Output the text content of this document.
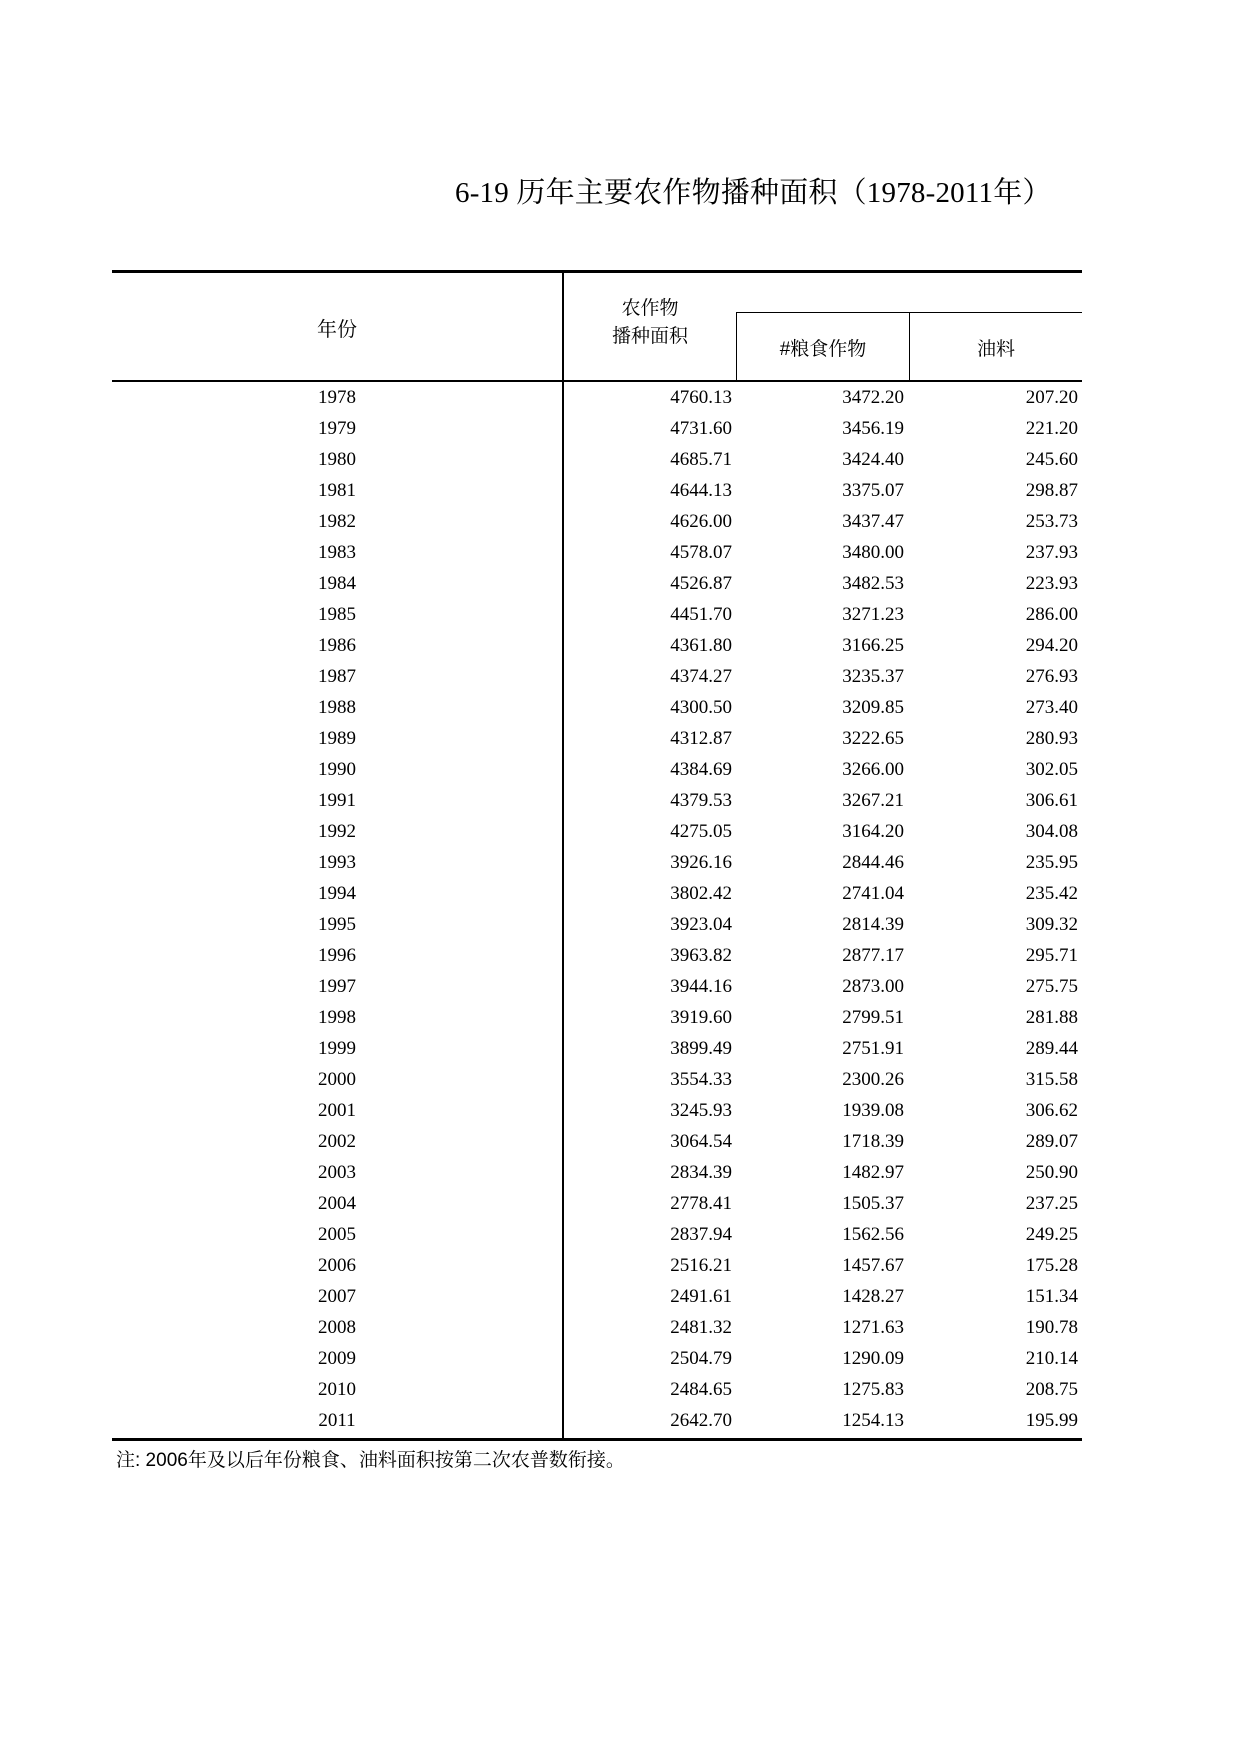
6-19 历年主要农作物播种面积（1978-2011年）
年份
农作物
播种面积
#粮食作物	油料
1978	4760.13	3472.20	207.20
1979	4731.60	3456.19	221.20
1980	4685.71	3424.40	245.60
1981	4644.13	3375.07	298.87
1982	4626.00	3437.47	253.73
1983	4578.07	3480.00	237.93
1984	4526.87	3482.53	223.93
1985	4451.70	3271.23	286.00
1986	4361.80	3166.25	294.20
1987	4374.27	3235.37	276.93
1988	4300.50	3209.85	273.40
1989	4312.87	3222.65	280.93
1990	4384.69	3266.00	302.05
1991	4379.53	3267.21	306.61
1992	4275.05	3164.20	304.08
1993	3926.16	2844.46	235.95
1994	3802.42	2741.04	235.42
1995	3923.04	2814.39	309.32
1996	3963.82	2877.17	295.71
1997	3944.16	2873.00	275.75
1998	3919.60	2799.51	281.88
1999	3899.49	2751.91	289.44
2000	3554.33	2300.26	315.58
2001	3245.93	1939.08	306.62
2002	3064.54	1718.39	289.07
2003	2834.39	1482.97	250.90
2004	2778.41	1505.37	237.25
2005	2837.94	1562.56	249.25
2006	2516.21	1457.67	175.28
2007	2491.61	1428.27	151.34
2008	2481.32	1271.63	190.78
2009	2504.79	1290.09	210.14
2010	2484.65	1275.83	208.75
2011	2642.70	1254.13	195.99
注: 2006年及以后年份粮食、油料面积按第二次农普数衔接。
